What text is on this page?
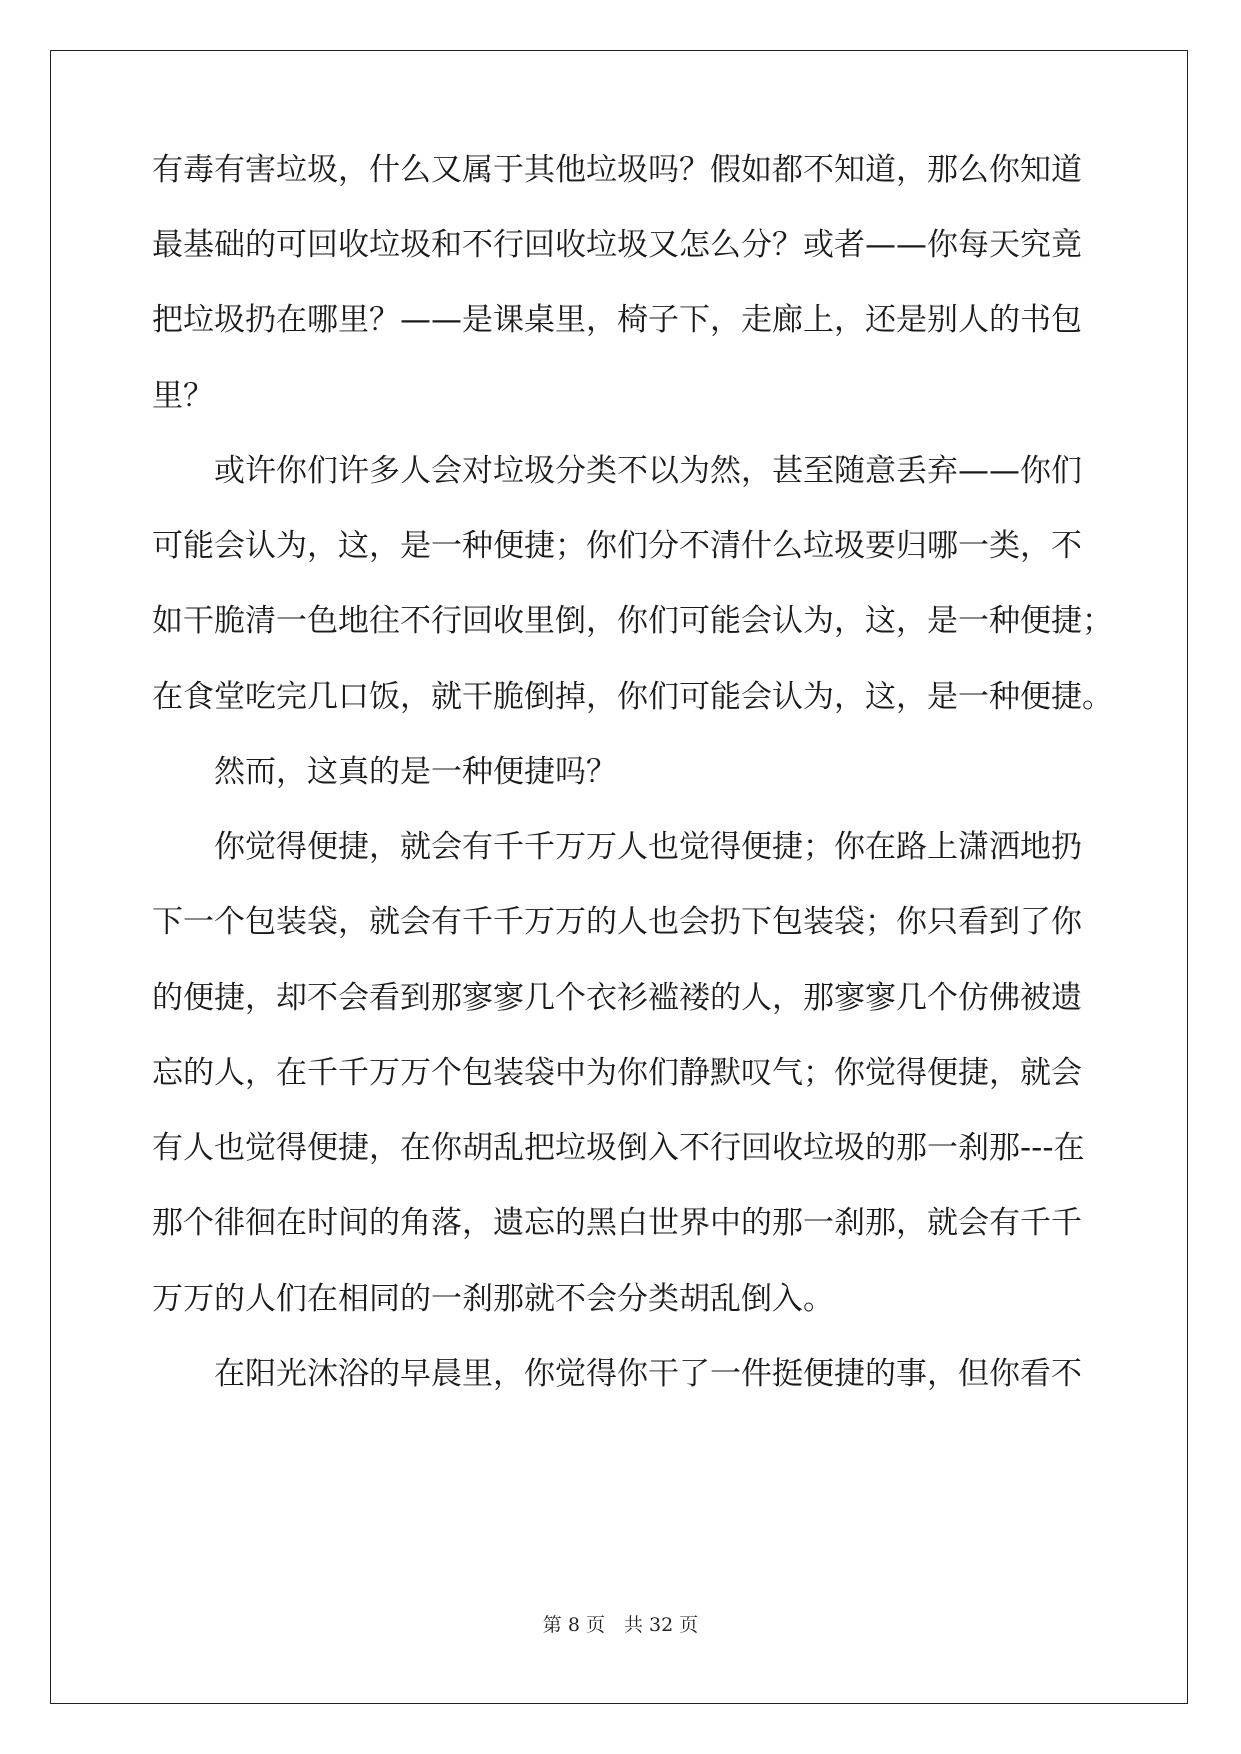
有毒有害垃圾，什么又属于其他垃圾吗？假如都不知道，那么你知道
最基础的可回收垃圾和不行回收垃圾又怎么分？或者——你每天究竟
把垃圾扔在哪里？——是课桌里，椅子下，走廊上，还是别人的书包
里？
或许你们许多人会对垃圾分类不以为然，甚至随意丢弃——你们
可能会认为，这，是一种便捷；你们分不清什么垃圾要归哪一类，不
如干脆清一色地往不行回收里倒，你们可能会认为，这，是一种便捷；
在食堂吃完几口饭，就干脆倒掉，你们可能会认为，这，是一种便捷。
然而，这真的是一种便捷吗？
你觉得便捷，就会有千千万万人也觉得便捷；你在路上潇洒地扔
下一个包装袋，就会有千千万万的人也会扔下包装袋；你只看到了你
的便捷，却不会看到那寥寥几个衣衫褴褛的人，那寥寥几个仿佛被遗
忘的人，在千千万万个包装袋中为你们静默叹气；你觉得便捷，就会
有人也觉得便捷，在你胡乱把垃圾倒入不行回收垃圾的那一刹那---在
那个徘徊在时间的角落，遗忘的黑白世界中的那一刹那，就会有千千
万万的人们在相同的一刹那就不会分类胡乱倒入。
在阳光沐浴的早晨里，你觉得你干了一件挺便捷的事，但你看不
第 8 页　共 32 页
